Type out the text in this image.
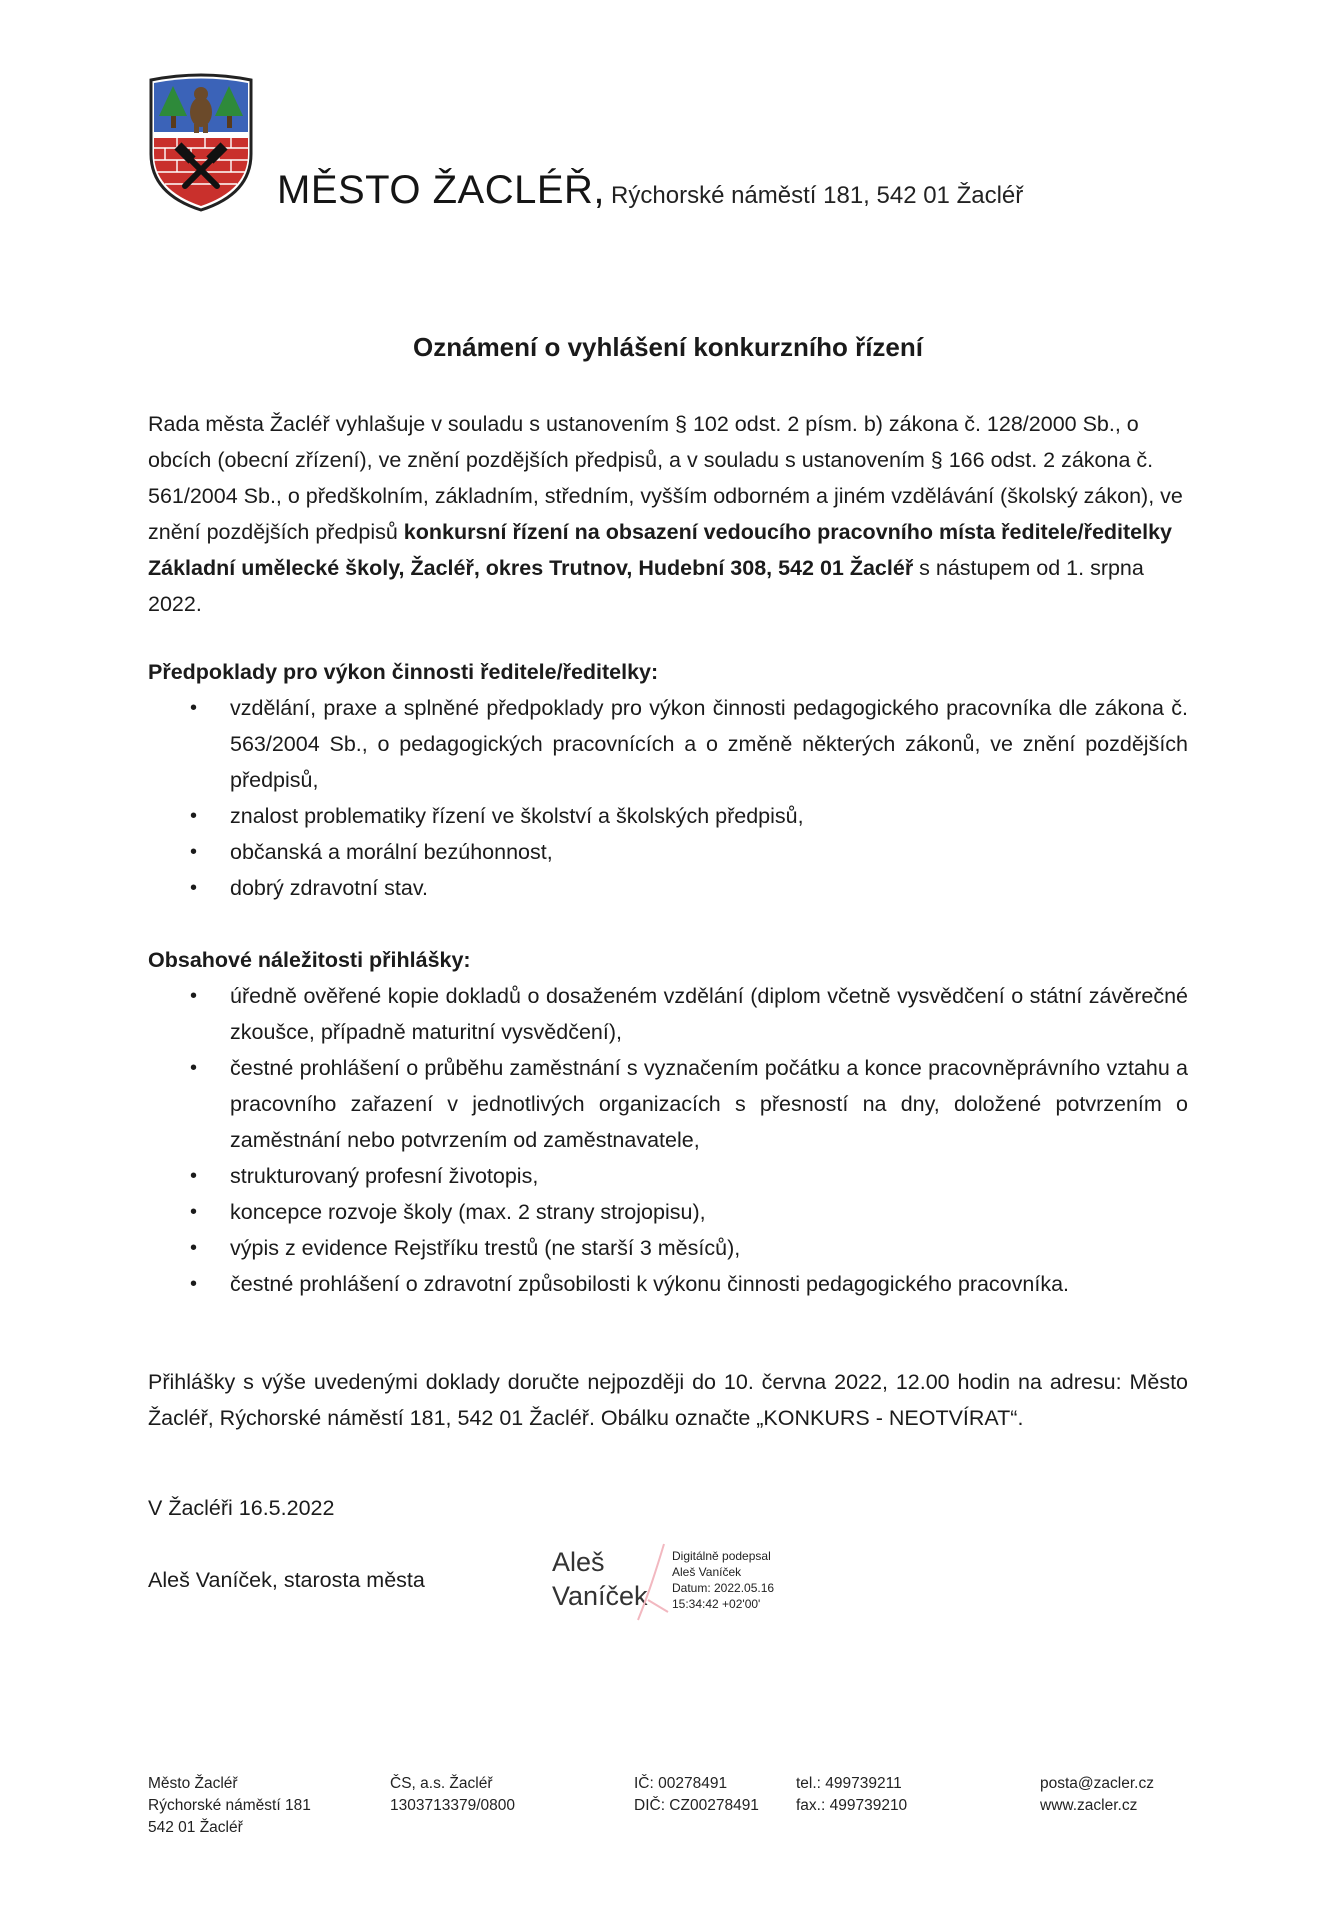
MĚSTO ŽACLÉŘ, Rýchorské náměstí 181, 542 01 Žacléř
Oznámení o vyhlášení konkurzního řízení
Rada města Žacléř vyhlašuje v souladu s ustanovením § 102 odst. 2 písm. b) zákona č. 128/2000 Sb., o obcích (obecní zřízení), ve znění pozdějších předpisů, a v souladu s ustanovením § 166 odst. 2 zákona č. 561/2004 Sb., o předškolním, základním, středním, vyšším odborném a jiném vzdělávání (školský zákon), ve znění pozdějších předpisů konkursní řízení na obsazení vedoucího pracovního místa ředitele/ředitelky Základní umělecké školy, Žacléř, okres Trutnov, Hudební 308, 542 01 Žacléř s nástupem od 1. srpna 2022.
Předpoklady pro výkon činnosti ředitele/ředitelky:
• vzdělání, praxe a splněné předpoklady pro výkon činnosti pedagogického pracovníka dle zákona č. 563/2004 Sb., o pedagogických pracovnících a o změně některých zákonů, ve znění pozdějších předpisů,
• znalost problematiky řízení ve školství a školských předpisů,
• občanská a morální bezúhonnost,
• dobrý zdravotní stav.
Obsahové náležitosti přihlášky:
• úředně ověřené kopie dokladů o dosaženém vzdělání (diplom včetně vysvědčení o státní závěrečné zkoušce, případně maturitní vysvědčení),
• čestné prohlášení o průběhu zaměstnání s vyznačením počátku a konce pracovněprávního vztahu a pracovního zařazení v jednotlivých organizacích s přesností na dny, doložené potvrzením o zaměstnání nebo potvrzením od zaměstnavatele,
• strukturovaný profesní životopis,
• koncepce rozvoje školy (max. 2 strany strojopisu),
• výpis z evidence Rejstříku trestů (ne starší 3 měsíců),
• čestné prohlášení o zdravotní způsobilosti k výkonu činnosti pedagogického pracovníka.
Přihlášky s výše uvedenými doklady doručte nejpozději do 10. června 2022, 12.00 hodin na adresu: Město Žacléř, Rýchorské náměstí 181, 542 01 Žacléř. Obálku označte „KONKURS - NEOTVÍRAT“.
V Žacléři 16.5.2022
Aleš Vaníček, starosta města
Aleš
Vaníček
Digitálně podepsal
Aleš Vaníček
Datum: 2022.05.16
15:34:42 +02'00'
Město Žacléř
Rýchorské náměstí 181
542 01 Žacléř
ČS, a.s. Žacléř
1303713379/0800
IČ: 00278491
DIČ: CZ00278491
tel.: 499739211
fax.: 499739210
posta@zacler.cz
www.zacler.cz
